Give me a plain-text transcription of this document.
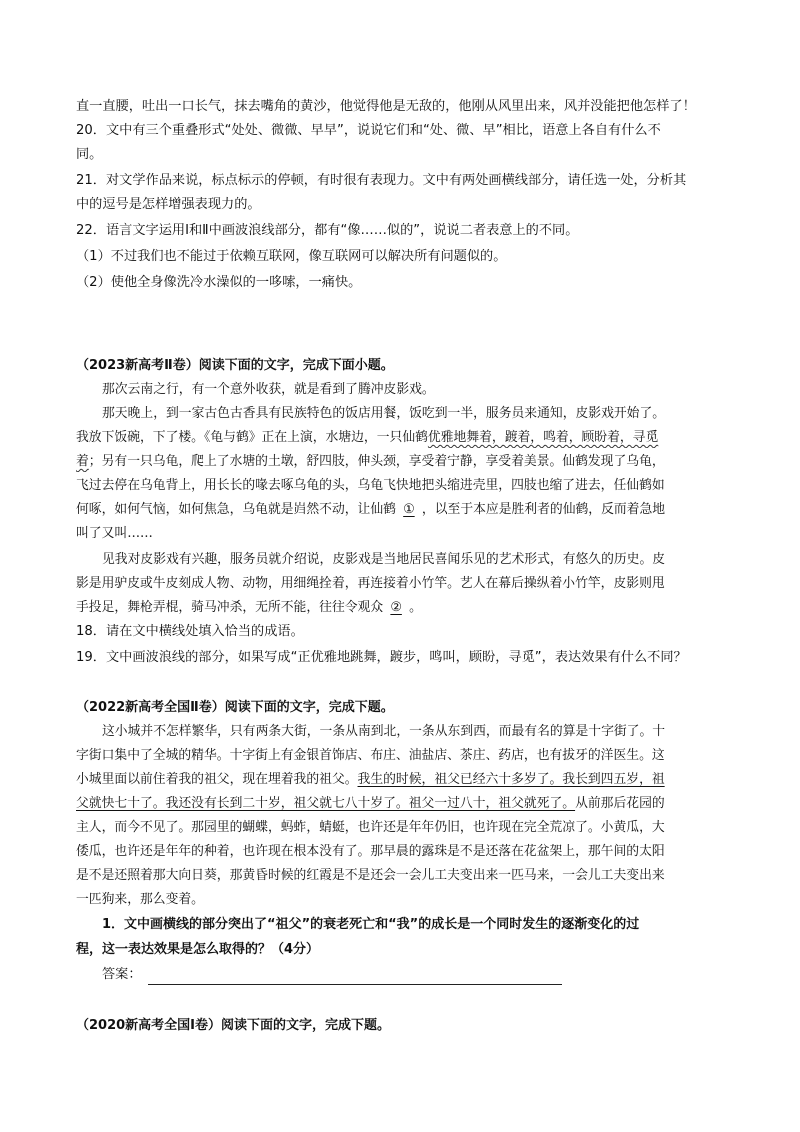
直一直腰，吐出一口长气，抹去嘴角的黄沙，他觉得他是无敌的，他刚从风里出来，风并没能把他怎样了！
20．文中有三个重叠形式“处处、微微、早早”，说说它们和“处、微、早”相比，语意上各自有什么不
同。
21．对文学作品来说，标点标示的停顿，有时很有表现力。文中有两处画横线部分，请任选一处，分析其
中的逗号是怎样增强表现力的。
22．语言文字运用Ⅰ和Ⅱ中画波浪线部分，都有“像……似的”，说说二者表意上的不同。
（1）不过我们也不能过于依赖互联网，像互联网可以解决所有问题似的。
（2）使他全身像洗冷水澡似的一哆嗦，一痛快。
（2023新高考Ⅱ卷）阅读下面的文字，完成下面小题。
那次云南之行，有一个意外收获，就是看到了腾冲皮影戏。
那天晚上，到一家古色古香具有民族特色的饭店用餐，饭吃到一半，服务员来通知，皮影戏开始了。
我放下饭碗，下了楼。《龟与鹤》正在上演，水塘边，一只仙鹤优雅地舞着，踱着，鸣着，顾盼着，寻觅
着；另有一只乌龟，爬上了水塘的土墩，舒四肢，伸头颈，享受着宁静，享受着美景。仙鹤发现了乌龟，
飞过去停在乌龟背上，用长长的喙去啄乌龟的头，乌龟飞快地把头缩进壳里，四肢也缩了进去，任仙鹤如
何啄，如何气恼，如何焦急，乌龟就是岿然不动，让仙鹤 ① ，以至于本应是胜利者的仙鹤，反而着急地
叫了又叫……
见我对皮影戏有兴趣，服务员就介绍说，皮影戏是当地居民喜闻乐见的艺术形式，有悠久的历史。皮
影是用驴皮或牛皮刻成人物、动物，用细绳拴着，再连接着小竹竿。艺人在幕后操纵着小竹竿，皮影则甩
手投足，舞枪弄棍，骑马冲杀，无所不能，往往令观众 ② 。
18．请在文中横线处填入恰当的成语。
19．文中画波浪线的部分，如果写成“正优雅地跳舞，踱步，鸣叫，顾盼，寻觅”，表达效果有什么不同？
（2022新高考全国Ⅱ卷）阅读下面的文字，完成下题。
这小城并不怎样繁华，只有两条大街，一条从南到北，一条从东到西，而最有名的算是十字街了。十
字街口集中了全城的精华。十字街上有金银首饰店、布庄、油盐店、茶庄、药店，也有拔牙的洋医生。这
小城里面以前住着我的祖父，现在埋着我的祖父。我生的时候，祖父已经六十多岁了。我长到四五岁，祖
父就快七十了。我还没有长到二十岁，祖父就七八十岁了。祖父一过八十，祖父就死了。从前那后花园的
主人，而今不见了。那园里的蝴蝶，蚂蚱，蜻蜓，也许还是年年仍旧，也许现在完全荒凉了。小黄瓜，大
倭瓜，也许还是年年的种着，也许现在根本没有了。那早晨的露珠是不是还落在花盆架上，那午间的太阳
是不是还照着那大向日葵，那黄昏时候的红霞是不是还会一会儿工夫变出来一匹马来，一会儿工夫变出来
一匹狗来，那么变着。
1．文中画横线的部分突出了“祖父”的衰老死亡和“我”的成长是一个同时发生的逐渐变化的过
程，这一表达效果是怎么取得的？（4分）
答案：
（2020新高考全国Ⅰ卷）阅读下面的文字，完成下题。
